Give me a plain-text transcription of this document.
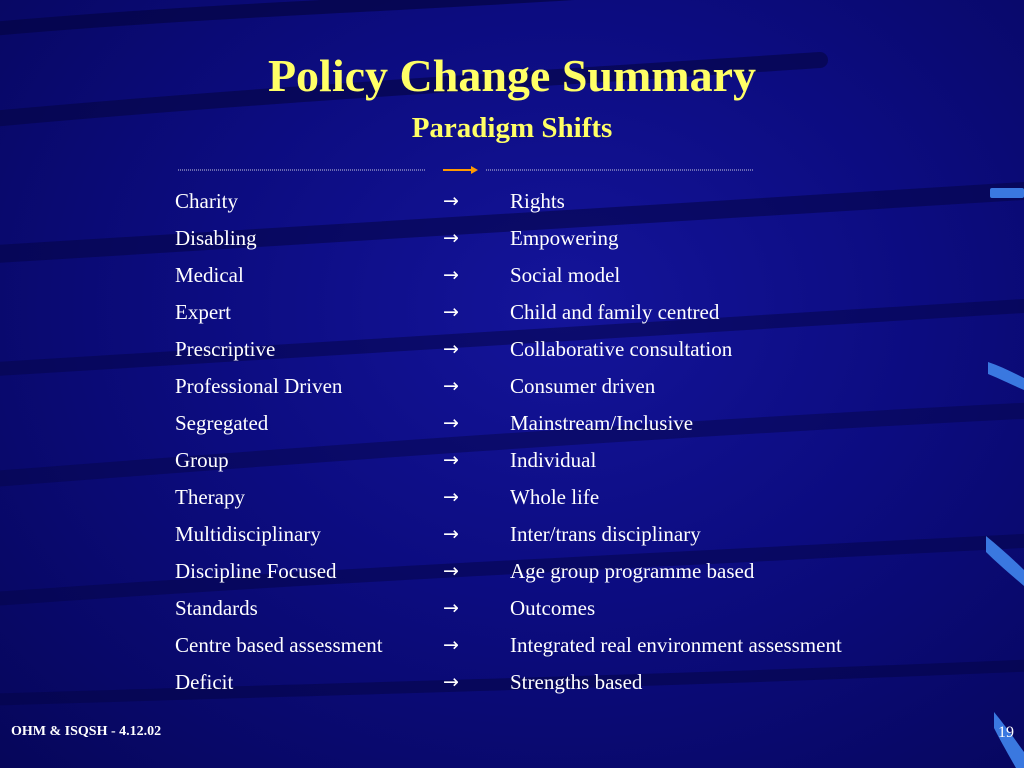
Policy Change Summary
Paradigm Shifts
Charity	→ Rights
Disabling	→ Empowering
Medical	→ Social model
Expert	→ Child and family centred
Prescriptive	→ Collaborative consultation
Professional Driven	→ Consumer driven
Segregated	→ Mainstream/Inclusive
Group	→ Individual
Therapy	→ Whole life
Multidisciplinary	→ Inter/trans disciplinary
Discipline Focused	→ Age group programme based
Standards	→ Outcomes
Centre based assessment	→ Integrated real environment assessment
Deficit	→ Strengths based
OHM & ISQSH - 4.12.02	19
